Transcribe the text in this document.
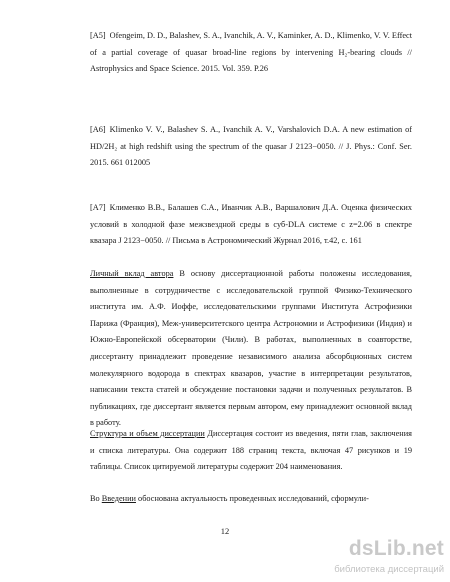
[A5] Ofengeim, D. D., Balashev, S. A., Ivanchik, A. V., Kaminker, A. D., Klimenko, V. V. Effect of a partial coverage of quasar broad-line regions by intervening H₂-bearing clouds // Astrophysics and Space Science. 2015. Vol. 359. P.26
[A6] Klimenko V. V., Balashev S. A., Ivanchik A. V., Varshalovich D.A. A new estimation of HD/2H₂ at high redshift using the spectrum of the quasar J 2123−0050. // J. Phys.: Conf. Ser. 2015. 661 012005
[A7] Клименко В.В., Балашев С.А., Иванчик А.В., Варшалович Д.А. Оценка физических условий в холодной фазе межзвездной среды в суб-DLA системе с z=2.06 в спектре квазара J 2123−0050. // Письма в Астрономический Журнал 2016, т.42, с. 161
Личный вклад автора В основу диссертационной работы положены исследования, выполненные в сотрудничестве с исследовательской группой Физико-Технического института им. А.Ф. Иоффе, исследовательскими группами Института Астрофизики Парижа (Франция), Меж-университетского центра Астрономии и Астрофизики (Индия) и Южно-Европейской обсерватории (Чили). В работах, выполненных в соавторстве, диссертанту принадлежит проведение независимого анализа абсорбционных систем молекулярного водорода в спектрах квазаров, участие в интерпретации результатов, написании текста статей и обсуждение постановки задачи и полученных результатов. В публикациях, где диссертант является первым автором, ему принадлежит основной вклад в работу.
Структура и объем диссертации Диссертация состоит из введения, пяти глав, заключения и списка литературы. Она содержит 188 страниц текста, включая 47 рисунков и 19 таблицы. Список цитируемой литературы содержит 204 наименования.
Во Введении обоснована актуальность проведенных исследований, сформули-
12
dsLib.net
библиотека диссертаций
